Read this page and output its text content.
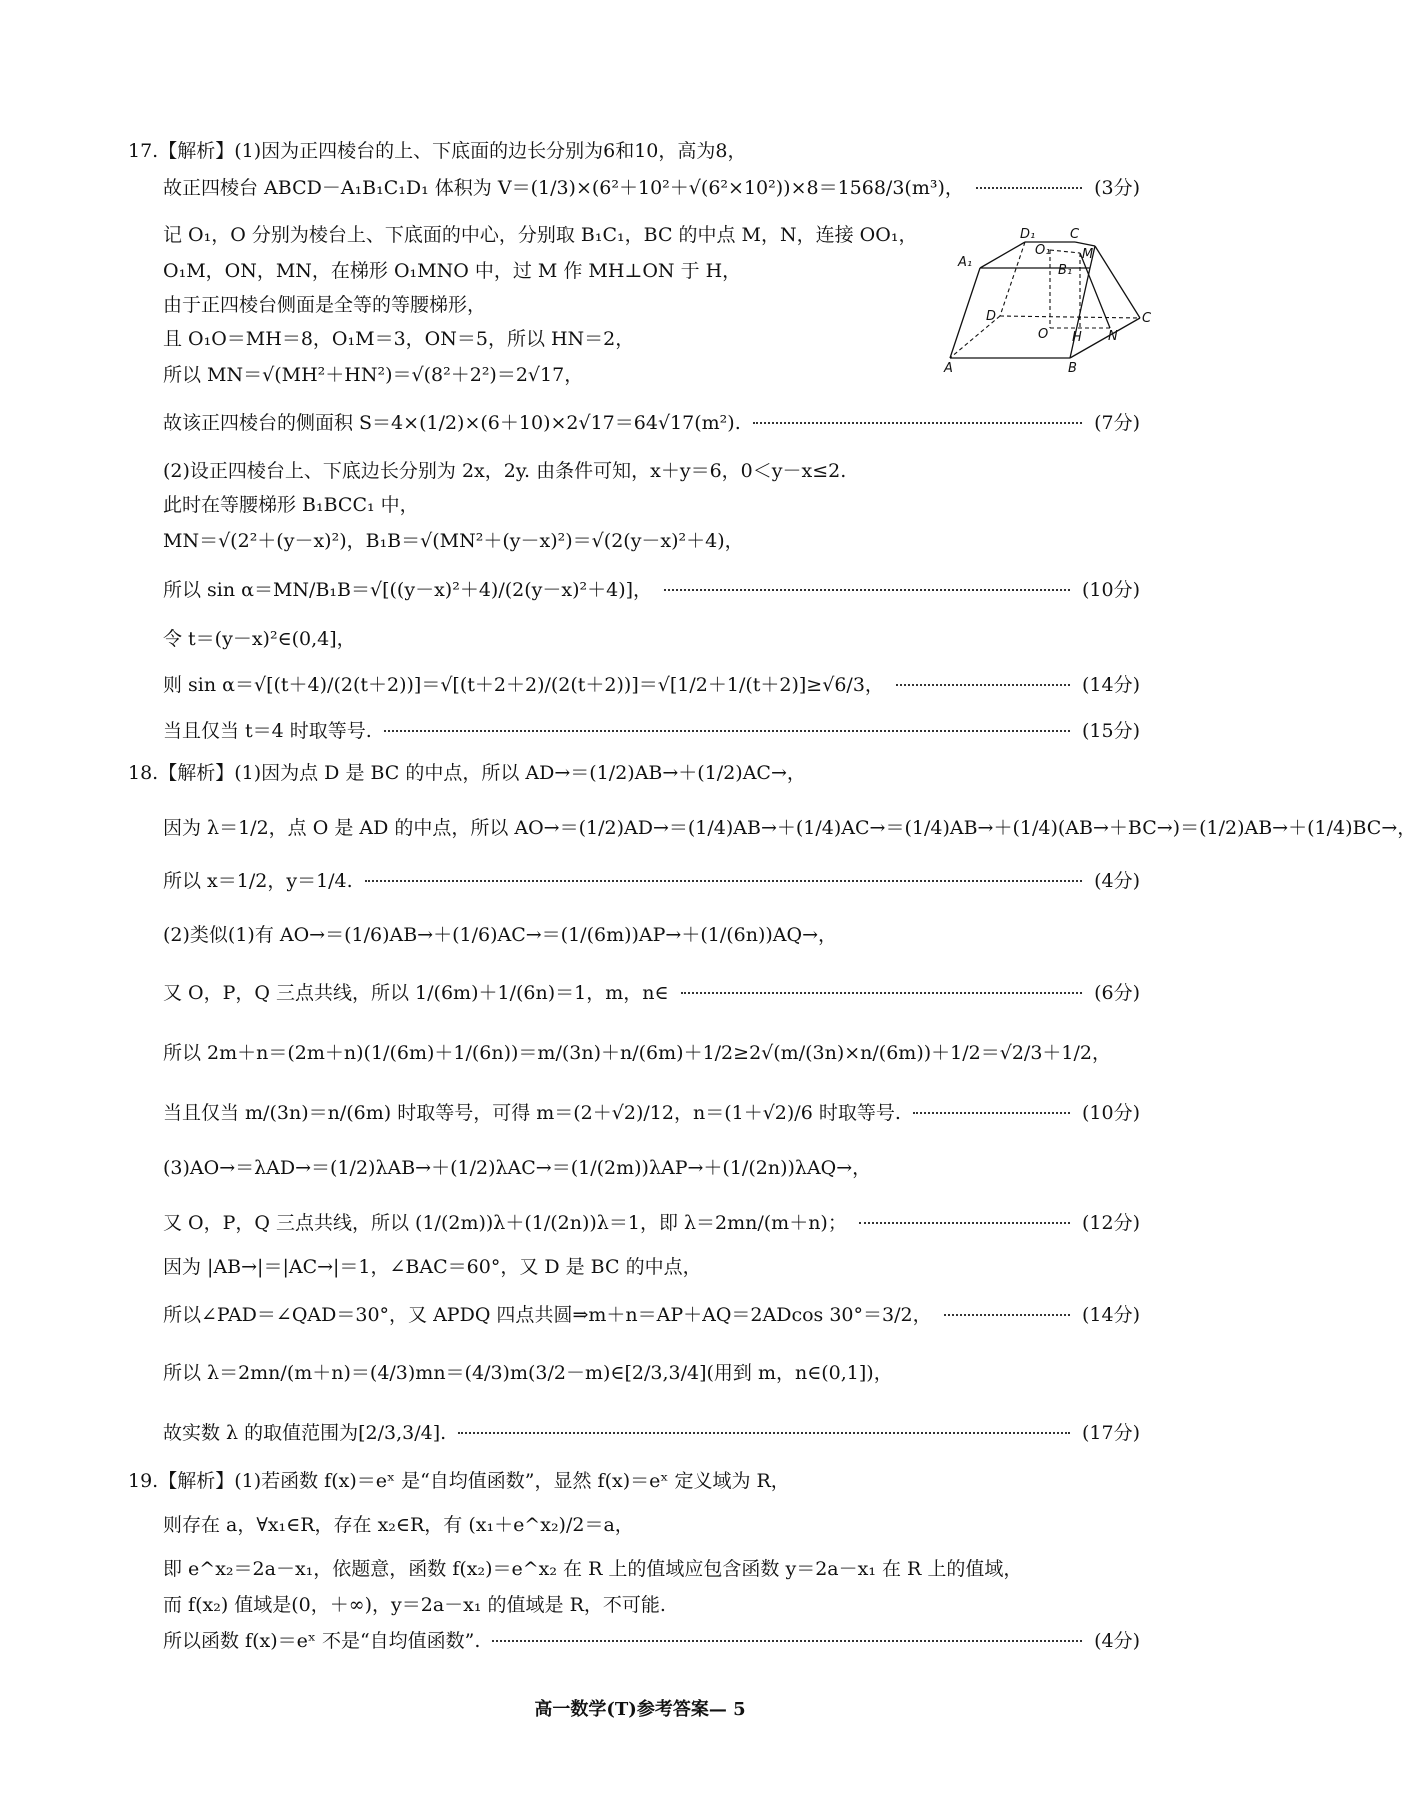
17.【解析】(1)因为正四棱台的上、下底面的边长分别为6和10，高为8，
故正四棱台 ABCD－A₁B₁C₁D₁ 体积为 V＝(1/3)×(6²＋10²＋√(6²×10²))×8＝1568/3(m³)，	(3分)
记 O₁，O 分别为棱台上、下底面的中心，分别取 B₁C₁，BC 的中点 M，N，连接 OO₁，
O₁M，ON，MN，在梯形 O₁MNO 中，过 M 作 MH⊥ON 于 H，
由于正四棱台侧面是全等的等腰梯形，
且 O₁O＝MH＝8，O₁M＝3，ON＝5，所以 HN＝2，
所以 MN＝√(MH²＋HN²)＝√(8²＋2²)＝2√17，
故该正四棱台的侧面积 S＝4×(1/2)×(6＋10)×2√17＝64√17(m²).	(7分)
(2)设正四棱台上、下底边长分别为 2x，2y. 由条件可知，x＋y＝6，0＜y－x≤2.
此时在等腰梯形 B₁BCC₁ 中，
MN＝√(2²＋(y－x)²)，B₁B＝√(MN²＋(y－x)²)＝√(2(y－x)²＋4)，
所以 sin α＝MN/B₁B＝√[((y－x)²＋4)/(2(y－x)²＋4)]，	(10分)
令 t＝(y－x)²∈(0,4]，
则 sin α＝√[(t＋4)/(2(t＋2))]＝√[(t＋2＋2)/(2(t＋2))]＝√[1/2＋1/(t＋2)]≥√6/3，	(14分)
当且仅当 t＝4 时取等号.	(15分)
D₁	C
A₁
O₁
B₁
M
D	C
O H N
A	B
18.【解析】(1)因为点 D 是 BC 的中点，所以 AD→＝(1/2)AB→＋(1/2)AC→，
因为 λ＝1/2，点 O 是 AD 的中点，所以 AO→＝(1/2)AD→＝(1/4)AB→＋(1/4)AC→＝(1/4)AB→＋(1/4)(AB→＋BC→)＝(1/2)AB→＋(1/4)BC→，
所以 x＝1/2，y＝1/4.	(4分)
(2)类似(1)有 AO→＝(1/6)AB→＋(1/6)AC→＝(1/(6m))AP→＋(1/(6n))AQ→，
又 O，P，Q 三点共线，所以 1/(6m)＋1/(6n)＝1，m，n∈	(6分)
所以 2m＋n＝(2m＋n)(1/(6m)＋1/(6n))＝m/(3n)＋n/(6m)＋1/2≥2√(m/(3n)×n/(6m))＋1/2＝√2/3＋1/2，
当且仅当 m/(3n)＝n/(6m) 时取等号，可得 m＝(2＋√2)/12，n＝(1＋√2)/6 时取等号.	(10分)
(3)AO→＝λAD→＝(1/2)λAB→＋(1/2)λAC→＝(1/(2m))λAP→＋(1/(2n))λAQ→，
又 O，P，Q 三点共线，所以 (1/(2m))λ＋(1/(2n))λ＝1，即 λ＝2mn/(m＋n)；	(12分)
因为 |AB→|＝|AC→|＝1，∠BAC＝60°，又 D 是 BC 的中点，
所以∠PAD＝∠QAD＝30°，又 APDQ 四点共圆⇒m＋n＝AP＋AQ＝2ADcos 30°＝3/2，	(14分)
所以 λ＝2mn/(m＋n)＝(4/3)mn＝(4/3)m(3/2－m)∈[2/3,3/4](用到 m，n∈(0,1])，
故实数 λ 的取值范围为[2/3,3/4].	(17分)
19.【解析】(1)若函数 f(x)＝eˣ 是“自均值函数”，显然 f(x)＝eˣ 定义域为 R，
则存在 a，∀x₁∈R，存在 x₂∈R，有 (x₁＋e^x₂)/2＝a，
即 e^x₂＝2a－x₁，依题意，函数 f(x₂)＝e^x₂ 在 R 上的值域应包含函数 y＝2a－x₁ 在 R 上的值域，
而 f(x₂) 值域是(0，＋∞)，y＝2a－x₁ 的值域是 R，不可能.
所以函数 f(x)＝eˣ 不是“自均值函数”.	(4分)
高一数学(T)参考答案— 5
